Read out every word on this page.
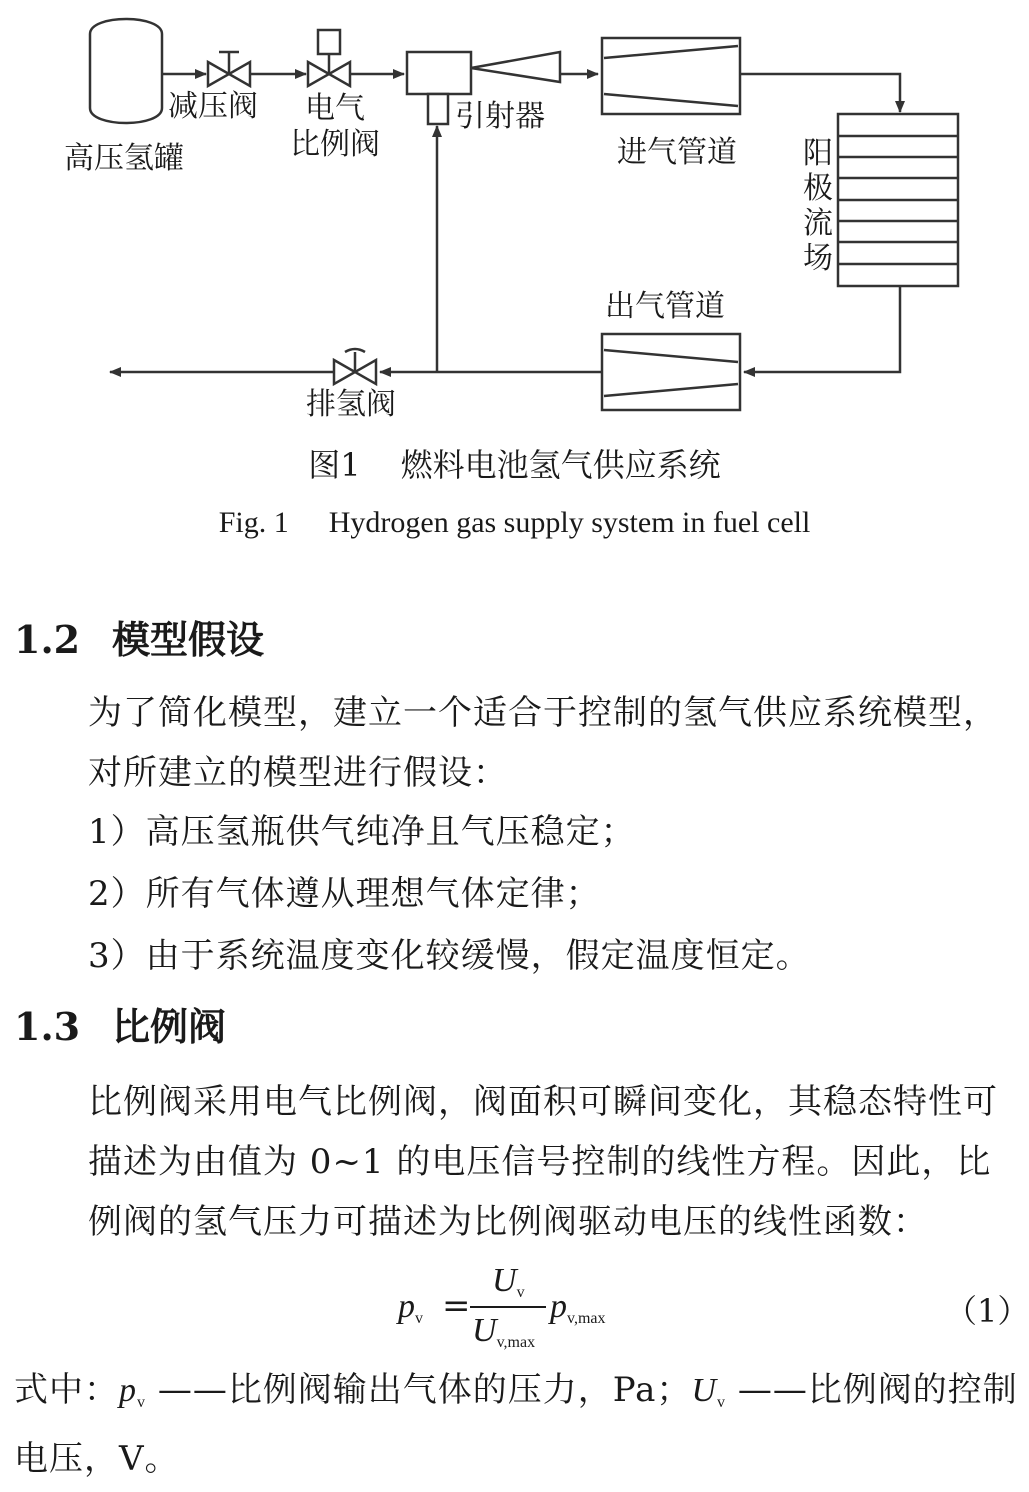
高压氢罐
减压阀 电气
比例阀
引射器
进气管道 阳极流场
出气管道
排氢阀
图1 燃料电池氢气供应系统
Fig. 1 Hydrogen gas supply system in fuel cell
1.2 模型假设
为了简化模型，建立一个适合于控制的氢气供应系统模型，对所建立的模型进行假设：
1）高压氢瓶供气纯净且气压稳定；
2）所有气体遵从理想气体定律；
3）由于系统温度变化较缓慢，假定温度恒定。
1.3 比例阀
比例阀采用电气比例阀，阀面积可瞬间变化，其稳态特性可描述为由值为 0~1 的电压信号控制的线性方程。因此，比例阀的氢气压力可描述为比例阀驱动电压的线性函数：
$p_v$ =
$U_v$
$U_{v,max}$
$p_{v,max}$	（1）
式中：$p_v$ ——比例阀输出气体的压力，Pa；$U_v$ ——比例阀的控制电压，V。
